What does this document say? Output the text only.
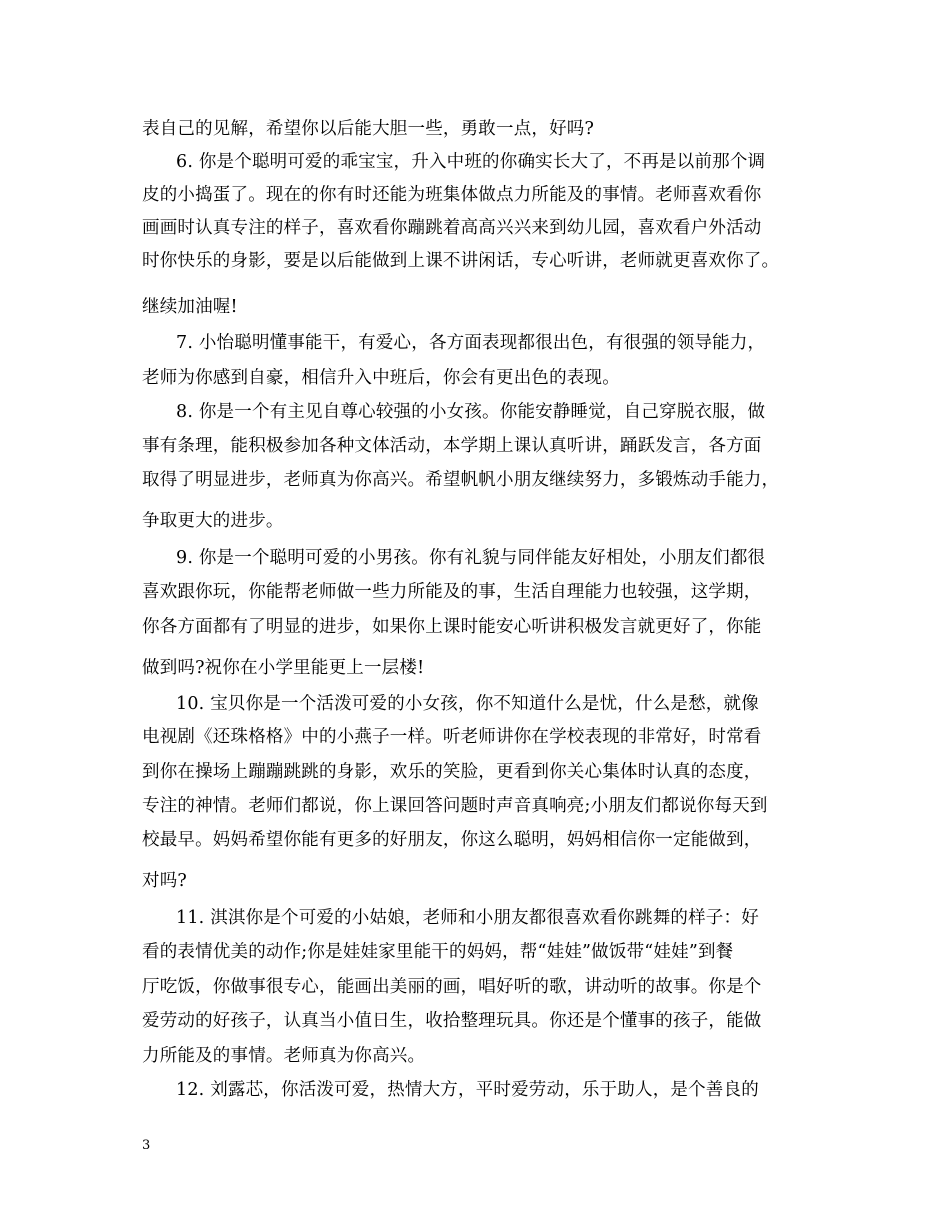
表自己的见解，希望你以后能大胆一些，勇敢一点，好吗?
6. 你是个聪明可爱的乖宝宝，升入中班的你确实长大了，不再是以前那个调
皮的小捣蛋了。现在的你有时还能为班集体做点力所能及的事情。老师喜欢看你
画画时认真专注的样子，喜欢看你蹦跳着高高兴兴来到幼儿园，喜欢看户外活动
时你快乐的身影，要是以后能做到上课不讲闲话，专心听讲，老师就更喜欢你了。
继续加油喔!
7. 小怡聪明懂事能干，有爱心，各方面表现都很出色，有很强的领导能力，
老师为你感到自豪，相信升入中班后，你会有更出色的表现。
8. 你是一个有主见自尊心较强的小女孩。你能安静睡觉，自己穿脱衣服，做
事有条理，能积极参加各种文体活动，本学期上课认真听讲，踊跃发言，各方面
取得了明显进步，老师真为你高兴。希望帆帆小朋友继续努力，多锻炼动手能力，
争取更大的进步。
9. 你是一个聪明可爱的小男孩。你有礼貌与同伴能友好相处，小朋友们都很
喜欢跟你玩，你能帮老师做一些力所能及的事，生活自理能力也较强，这学期，
你各方面都有了明显的进步，如果你上课时能安心听讲积极发言就更好了，你能
做到吗?祝你在小学里能更上一层楼!
10. 宝贝你是一个活泼可爱的小女孩，你不知道什么是忧，什么是愁，就像
电视剧《还珠格格》中的小燕子一样。听老师讲你在学校表现的非常好，时常看
到你在操场上蹦蹦跳跳的身影，欢乐的笑脸，更看到你关心集体时认真的态度，
专注的神情。老师们都说，你上课回答问题时声音真响亮;小朋友们都说你每天到
校最早。妈妈希望你能有更多的好朋友，你这么聪明，妈妈相信你一定能做到，
对吗?
11. 淇淇你是个可爱的小姑娘，老师和小朋友都很喜欢看你跳舞的样子：好
看的表情优美的动作;你是娃娃家里能干的妈妈，帮“娃娃”做饭带“娃娃”到餐
厅吃饭，你做事很专心，能画出美丽的画，唱好听的歌，讲动听的故事。你是个
爱劳动的好孩子，认真当小值日生，收拾整理玩具。你还是个懂事的孩子，能做
力所能及的事情。老师真为你高兴。
12. 刘露芯，你活泼可爱，热情大方，平时爱劳动，乐于助人，是个善良的
3
